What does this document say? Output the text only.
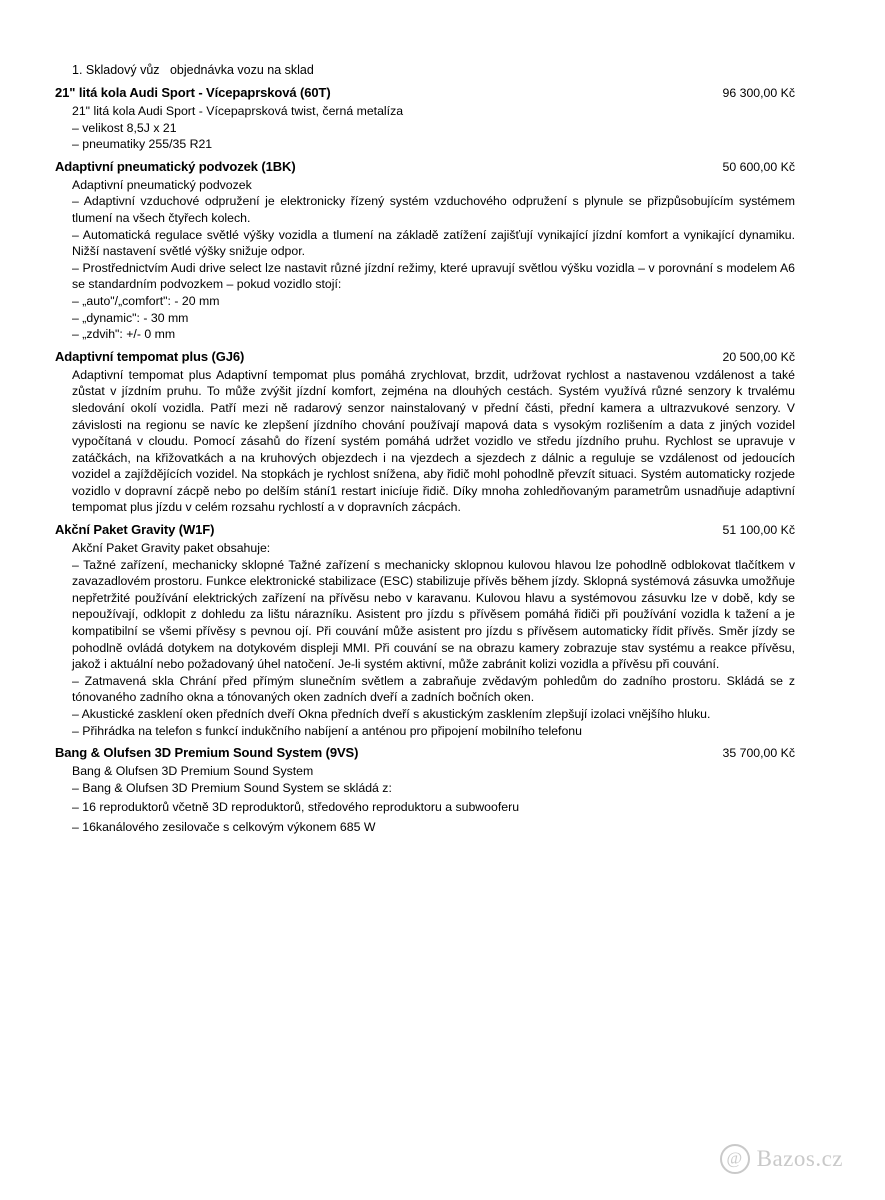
1. Skladový vůz   objednávka vozu na sklad
21" litá kola Audi Sport - Vícepaprsková (60T)	96 300,00 Kč

21" litá kola Audi Sport - Vícepaprsková twist, černá metalíza

– velikost 8,5J x 21

– pneumatiky 255/35 R21

Adaptivní pneumatický podvozek (1BK)	50 600,00 Kč

Adaptivní pneumatický podvozek

– Adaptivní vzduchové odpružení je elektronicky řízený systém vzduchového odpružení s plynule se přizpůsobujícím systémem tlumení na všech čtyřech kolech.

– Automatická regulace světlé výšky vozidla a tlumení na základě zatížení zajišťují vynikající jízdní komfort a vynikající dynamiku. Nižší nastavení světlé výšky snižuje odpor.

– Prostřednictvím Audi drive select lze nastavit různé jízdní režimy, které upravují světlou výšku vozidla – v porovnání s modelem A6 se standardním podvozkem – pokud vozidlo stojí:

– „auto"/„comfort": - 20 mm

– „dynamic": - 30 mm

– „zdvih": +/- 0 mm

Adaptivní tempomat plus (GJ6)	20 500,00 Kč

Adaptivní tempomat plus Adaptivní tempomat plus pomáhá zrychlovat, brzdit, udržovat rychlost a nastavenou vzdálenost a také zůstat v jízdním pruhu. To může zvýšit jízdní komfort, zejména na dlouhých cestách. Systém využívá různé senzory k trvalému sledování okolí vozidla. Patří mezi ně radarový senzor nainstalovaný v přední části, přední kamera a ultrazvukové senzory. V závislosti na regionu se navíc ke zlepšení jízdního chování používají mapová data s vysokým rozlišením a data z jiných vozidel vypočítaná v cloudu. Pomocí zásahů do řízení systém pomáhá udržet vozidlo ve středu jízdního pruhu. Rychlost se upravuje v zatáčkách, na křižovatkách a na kruhových objezdech i na vjezdech a sjezdech z dálnic a reguluje se vzdálenost od jedoucích vozidel a zajíždějících vozidel. Na stopkách je rychlost snížena, aby řidič mohl pohodlně převzít situaci. Systém automaticky rozjede vozidlo v dopravní zácpě nebo po delším stání1 restart inicíuje řidič. Díky mnoha zohledňovaným parametrům usnadňuje adaptivní tempomat plus jízdu v celém rozsahu rychlostí a v dopravních zácpách.

Akční Paket Gravity (W1F)	51 100,00 Kč

Akční Paket Gravity paket obsahuje:

– Tažné zařízení, mechanicky sklopné Tažné zařízení s mechanicky sklopnou kulovou hlavou lze pohodlně odblokovat tlačítkem v zavazadlovém prostoru. Funkce elektronické stabilizace (ESC) stabilizuje přívěs během jízdy. Sklopná systémová zásuvka umožňuje nepřetržité používání elektrických zařízení na přívěsu nebo v karavanu. Kulovou hlavu a systémovou zásuvku lze v době, kdy se nepoužívají, odklopit z dohledu za lištu nárazníku. Asistent pro jízdu s přívěsem pomáhá řidiči při používání vozidla k tažení a je kompatibilní se všemi přívěsy s pevnou ojí. Při couvání může asistent pro jízdu s přívěsem automaticky řídit přívěs. Směr jízdy se pohodlně ovládá dotykem na dotykovém displeji MMI. Při couvání se na obrazu kamery zobrazuje stav systému a reakce přívěsu, jakož i aktuální nebo požadovaný úhel natočení. Je-li systém aktivní, může zabránit kolizi vozidla a přívěsu při couvání.

– Zatmavená skla Chrání před přímým slunečním světlem a zabraňuje zvědavým pohledům do zadního prostoru. Skládá se z tónovaného zadního okna a tónovaných oken zadních dveří a zadních bočních oken.

– Akustické zasklení oken předních dveří Okna předních dveří s akustickým zasklením zlepšují izolaci vnějšího hluku.

– Přihrádka na telefon s funkcí indukčního nabíjení a anténou pro připojení mobilního telefonu

Bang & Olufsen 3D Premium Sound System (9VS)	35 700,00 Kč

Bang & Olufsen 3D Premium Sound System

– Bang & Olufsen 3D Premium Sound System se skládá z:

– 16 reproduktorů včetně 3D reproduktorů, středového reproduktoru a subwooferu

– 16kanálového zesilovače s celkovým výkonem 685 W

@
Bazos.cz
